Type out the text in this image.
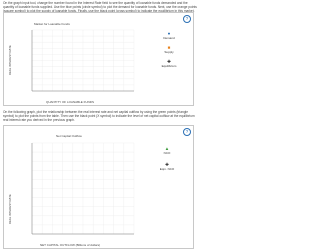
On the graph input tool, change the number found in the Interest Rate field to see the quantity of loanable funds demanded and the quantity of loanable funds supplied. Use the blue points (circle symbol) to plot the demand for loanable funds. Next, use the orange points
?
Market for Loanable Funds
REAL INTEREST RATE
QUANTITY OF LOANABLE FUNDS
●
Demand
■
Supply
✚
Equilibrium
On the following graph, plot the relationship between the real interest rate and net capital outflow by using the green points (triangle symbol) to plot the points from the table. Then use the black point (X symbol) to indicate the level of net capital outflow at the equilibrium real interest rate you derived in the previous graph.
?
Net Capital Outflow
REAL INTEREST RATE
NET CAPITAL OUTFLOW (Billions of dollars)
▲
NCO
✚
Eqm. NCO
